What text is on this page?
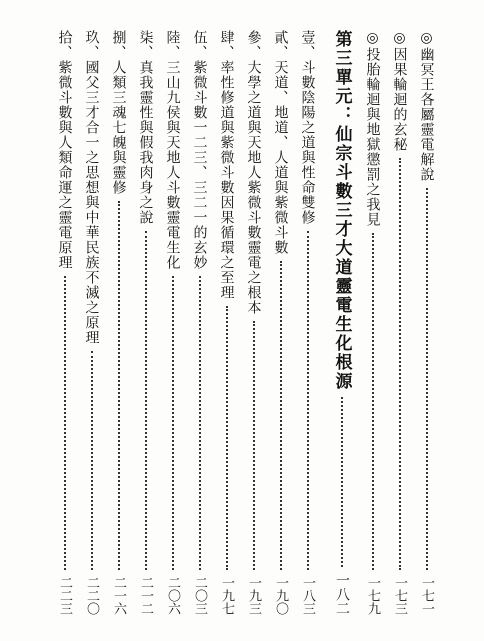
◎幽冥王各屬靈電解說
一七一
◎因果輪迴的玄秘
一七三
◎投胎輪迴與地獄懲罰之我見
一七九
第三單元：仙宗斗數三才大道靈電生化根源
一八二
壹、斗數陰陽之道與性命雙修
一八三
貳、天道、地道、人道與紫微斗數
一九〇
參、大學之道與天地人紫微斗數靈電之根本
一九三
肆、率性修道與紫微斗數因果循環之至理
一九七
伍、紫微斗數一二三、三二一的玄妙
二〇三
陸、三山九侯與天地人斗數靈電生化
二〇六
柒、真我靈性與假我肉身之說
二一二
捌、人類三魂七魄與靈修
二一六
玖、國父三才合一之思想與中華民族不滅之原理
二二〇
拾、紫微斗數與人類命運之靈電原理
二二三
